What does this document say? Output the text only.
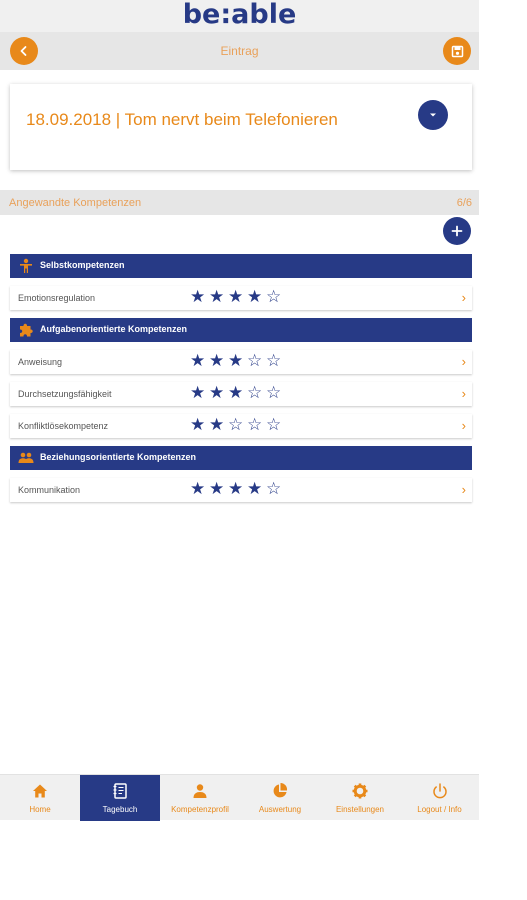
be:able
Eintrag
18.09.2018 | Tom nervt beim Telefonieren
Angewandte Kompetenzen	6/6
Selbstkompetenzen
Emotionsregulation	★ ★ ★ ★ ☆	›
Aufgabenorientierte Kompetenzen
Anweisung	★ ★ ★ ☆ ☆	›
Durchsetzungsfähigkeit	★ ★ ★ ☆ ☆	›
Konfliktlösekompetenz	★ ★ ☆ ☆ ☆	›
Beziehungsorientierte Kompetenzen
Kommunikation	★ ★ ★ ★ ☆	›
Home	Tagebuch	Kompetenzprofil	Auswertung	Einstellungen	Logout / Info
